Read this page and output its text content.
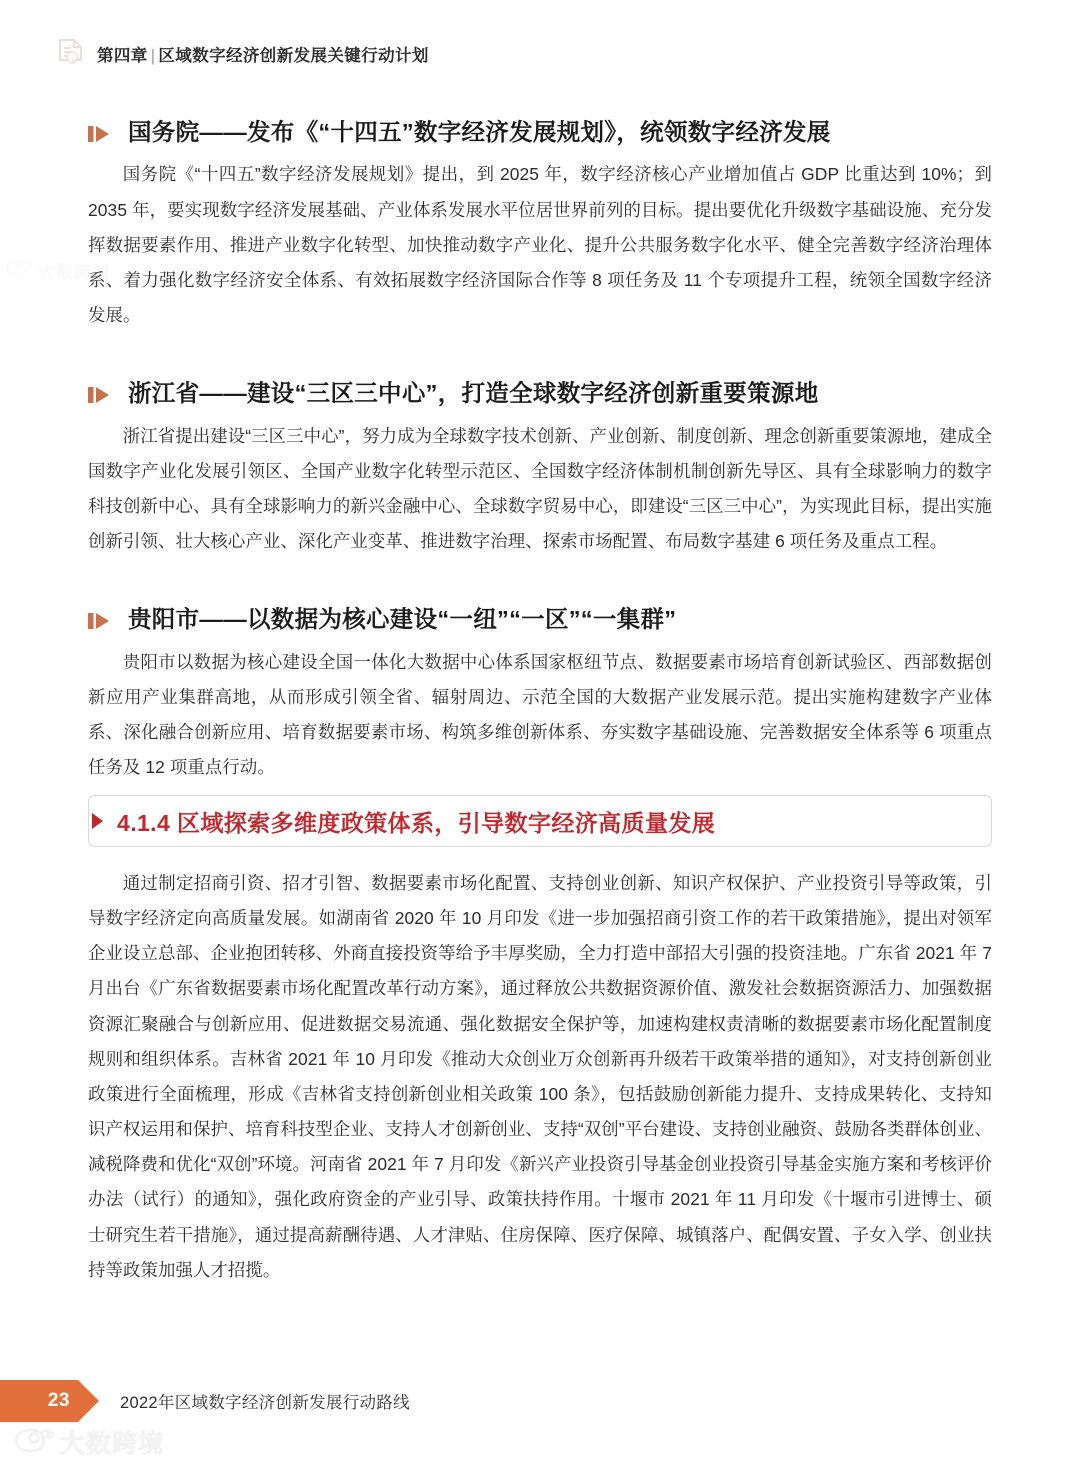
第四章 | 区域数字经济创新发展关键行动计划
国务院——发布《“十四五”数字经济发展规划》，统领数字经济发展

国务院《“十四五”数字经济发展规划》提出，到 2025 年，数字经济核心产业增加值占 GDP 比重达到 10%；到 2035 年，要实现数字经济发展基础、产业体系发展水平位居世界前列的目标。提出要优化升级数字基础设施、充分发挥数据要素作用、推进产业数字化转型、加快推动数字产业化、提升公共服务数字化水平、健全完善数字经济治理体系、着力强化数字经济安全体系、有效拓展数字经济国际合作等 8 项任务及 11 个专项提升工程，统领全国数字经济发展。

浙江省——建设“三区三中心”，打造全球数字经济创新重要策源地

浙江省提出建设“三区三中心”，努力成为全球数字技术创新、产业创新、制度创新、理念创新重要策源地，建成全国数字产业化发展引领区、全国产业数字化转型示范区、全国数字经济体制机制创新先导区、具有全球影响力的数字科技创新中心、具有全球影响力的新兴金融中心、全球数字贸易中心，即建设“三区三中心”，为实现此目标，提出实施创新引领、壮大核心产业、深化产业变革、推进数字治理、探索市场配置、布局数字基建 6 项任务及重点工程。

贵阳市——以数据为核心建设“一纽”“一区”“一集群”

贵阳市以数据为核心建设全国一体化大数据中心体系国家枢纽节点、数据要素市场培育创新试验区、西部数据创新应用产业集群高地，从而形成引领全省、辐射周边、示范全国的大数据产业发展示范。提出实施构建数字产业体系、深化融合创新应用、培育数据要素市场、构筑多维创新体系、夯实数字基础设施、完善数据安全体系等 6 项重点任务及 12 项重点行动。

4.1.4 区域探索多维度政策体系，引导数字经济高质量发展

通过制定招商引资、招才引智、数据要素市场化配置、支持创业创新、知识产权保护、产业投资引导等政策，引导数字经济定向高质量发展。如湖南省 2020 年 10 月印发《进一步加强招商引资工作的若干政策措施》，提出对领军企业设立总部、企业抱团转移、外商直接投资等给予丰厚奖励，全力打造中部招大引强的投资洼地。广东省 2021 年 7 月出台《广东省数据要素市场化配置改革行动方案》，通过释放公共数据资源价值、激发社会数据资源活力、加强数据资源汇聚融合与创新应用、促进数据交易流通、强化数据安全保护等，加速构建权责清晰的数据要素市场化配置制度规则和组织体系。吉林省 2021 年 10 月印发《推动大众创业万众创新再升级若干政策举措的通知》，对支持创新创业政策进行全面梳理，形成《吉林省支持创新创业相关政策 100 条》，包括鼓励创新能力提升、支持成果转化、支持知识产权运用和保护、培育科技型企业、支持人才创新创业、支持“双创”平台建设、支持创业融资、鼓励各类群体创业、减税降费和优化“双创”环境。河南省 2021 年 7 月印发《新兴产业投资引导基金创业投资引导基金实施方案和考核评价办法（试行）的通知》，强化政府资金的产业引导、政策扶持作用。十堰市 2021 年 11 月印发《十堰市引进博士、硕士研究生若干措施》，通过提高薪酬待遇、人才津贴、住房保障、医疗保障、城镇落户、配偶安置、子女入学、创业扶持等政策加强人才招揽。

大数跨境
23	2022年区域数字经济创新发展行动路线
大数跨境
